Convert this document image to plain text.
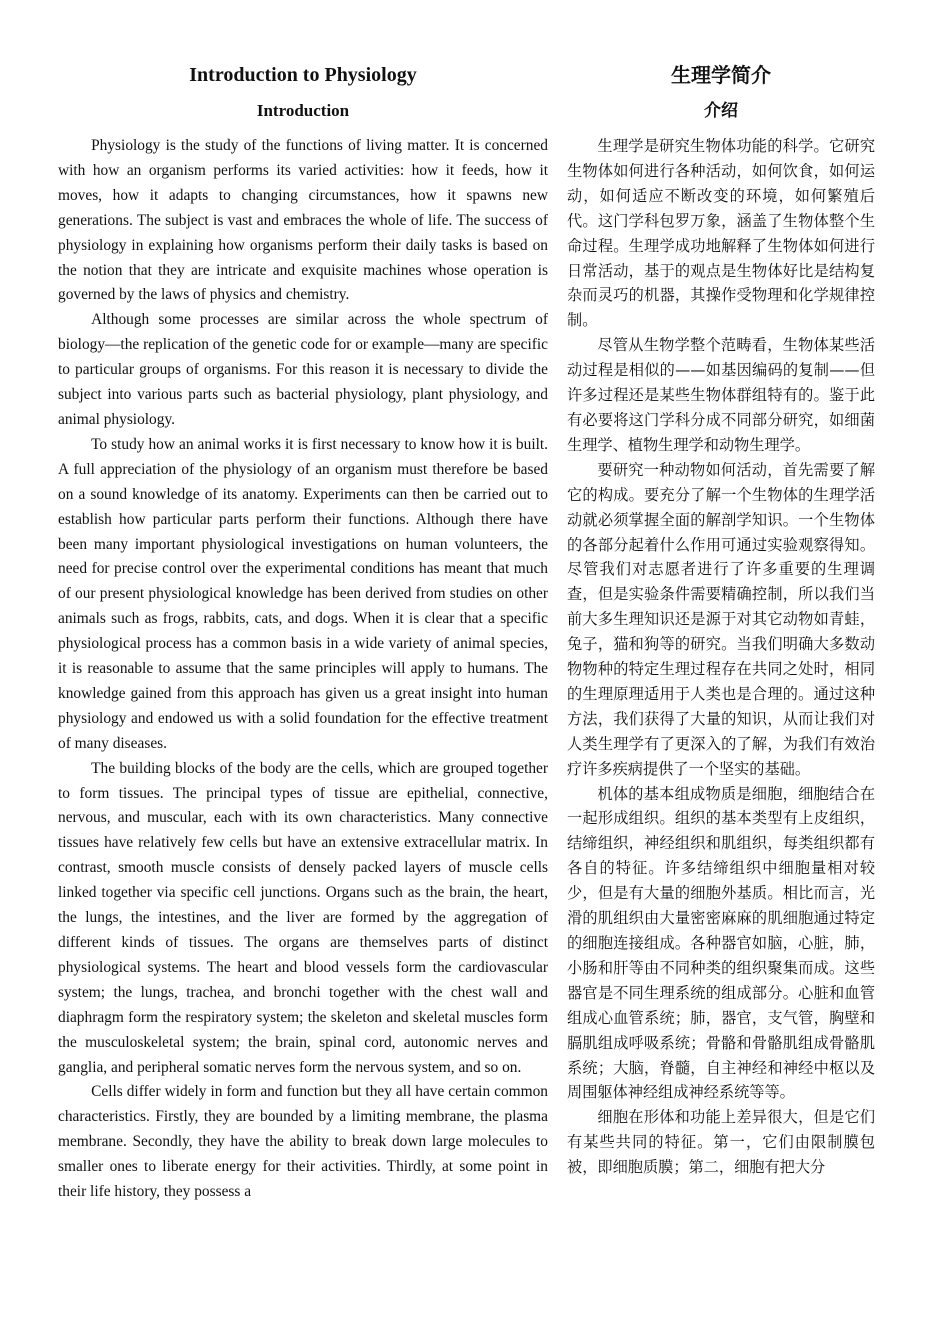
Introduction to Physiology
Introduction

Physiology is the study of the functions of living matter. It is concerned with how an organism performs its varied activities: how it feeds, how it moves, how it adapts to changing circumstances, how it spawns new generations. The subject is vast and embraces the whole of life. The success of physiology in explaining how organisms perform their daily tasks is based on the notion that they are intricate and exquisite machines whose operation is governed by the laws of physics and chemistry.

Although some processes are similar across the whole spectrum of biology—the replication of the genetic code for or example—many are specific to particular groups of organisms. For this reason it is necessary to divide the subject into various parts such as bacterial physiology, plant physiology, and animal physiology.

To study how an animal works it is first necessary to know how it is built. A full appreciation of the physiology of an organism must therefore be based on a sound knowledge of its anatomy. Experiments can then be carried out to establish how particular parts perform their functions. Although there have been many important physiological investigations on human volunteers, the need for precise control over the experimental conditions has meant that much of our present physiological knowledge has been derived from studies on other animals such as frogs, rabbits, cats, and dogs. When it is clear that a specific physiological process has a common basis in a wide variety of animal species, it is reasonable to assume that the same principles will apply to humans. The knowledge gained from this approach has given us a great insight into human physiology and endowed us with a solid foundation for the effective treatment of many diseases.

The building blocks of the body are the cells, which are grouped together to form tissues. The principal types of tissue are epithelial, connective, nervous, and muscular, each with its own characteristics. Many connective tissues have relatively few cells but have an extensive extracellular matrix. In contrast, smooth muscle consists of densely packed layers of muscle cells linked together via specific cell junctions. Organs such as the brain, the heart, the lungs, the intestines, and the liver are formed by the aggregation of different kinds of tissues. The organs are themselves parts of distinct physiological systems. The heart and blood vessels form the cardiovascular system; the lungs, trachea, and bronchi together with the chest wall and diaphragm form the respiratory system; the skeleton and skeletal muscles form the musculoskeletal system; the brain, spinal cord, autonomic nerves and ganglia, and peripheral somatic nerves form the nervous system, and so on.

Cells differ widely in form and function but they all have certain common characteristics. Firstly, they are bounded by a limiting membrane, the plasma membrane. Secondly, they have the ability to break down large molecules to smaller ones to liberate energy for their activities. Thirdly, at some point in their life history, they possess a

生理学简介
介绍

生理学是研究生物体功能的科学。它研究生物体如何进行各种活动，如何饮食，如何运动，如何适应不断改变的环境，如何繁殖后代。这门学科包罗万象，涵盖了生物体整个生命过程。生理学成功地解释了生物体如何进行日常活动，基于的观点是生物体好比是结构复杂而灵巧的机器，其操作受物理和化学规律控制。

尽管从生物学整个范畴看，生物体某些活动过程是相似的——如基因编码的复制——但许多过程还是某些生物体群组特有的。鉴于此有必要将这门学科分成不同部分研究，如细菌生理学、植物生理学和动物生理学。

要研究一种动物如何活动，首先需要了解它的构成。要充分了解一个生物体的生理学活动就必须掌握全面的解剖学知识。一个生物体的各部分起着什么作用可通过实验观察得知。尽管我们对志愿者进行了许多重要的生理调查，但是实验条件需要精确控制，所以我们当前大多生理知识还是源于对其它动物如青蛙，兔子，猫和狗等的研究。当我们明确大多数动物物种的特定生理过程存在共同之处时，相同的生理原理适用于人类也是合理的。通过这种方法，我们获得了大量的知识，从而让我们对人类生理学有了更深入的了解，为我们有效治疗许多疾病提供了一个坚实的基础。

机体的基本组成物质是细胞，细胞结合在一起形成组织。组织的基本类型有上皮组织，结缔组织，神经组织和肌组织，每类组织都有各自的特征。许多结缔组织中细胞量相对较少，但是有大量的细胞外基质。相比而言，光滑的肌组织由大量密密麻麻的肌细胞通过特定的细胞连接组成。各种器官如脑，心脏，肺，小肠和肝等由不同种类的组织聚集而成。这些器官是不同生理系统的组成部分。心脏和血管组成心血管系统；肺，器官，支气管，胸壁和膈肌组成呼吸系统；骨骼和骨骼肌组成骨骼肌系统；大脑，脊髓，自主神经和神经中枢以及周围躯体神经组成神经系统等等。

细胞在形体和功能上差异很大，但是它们有某些共同的特征。第一，它们由限制膜包被，即细胞质膜；第二，细胞有把大分
